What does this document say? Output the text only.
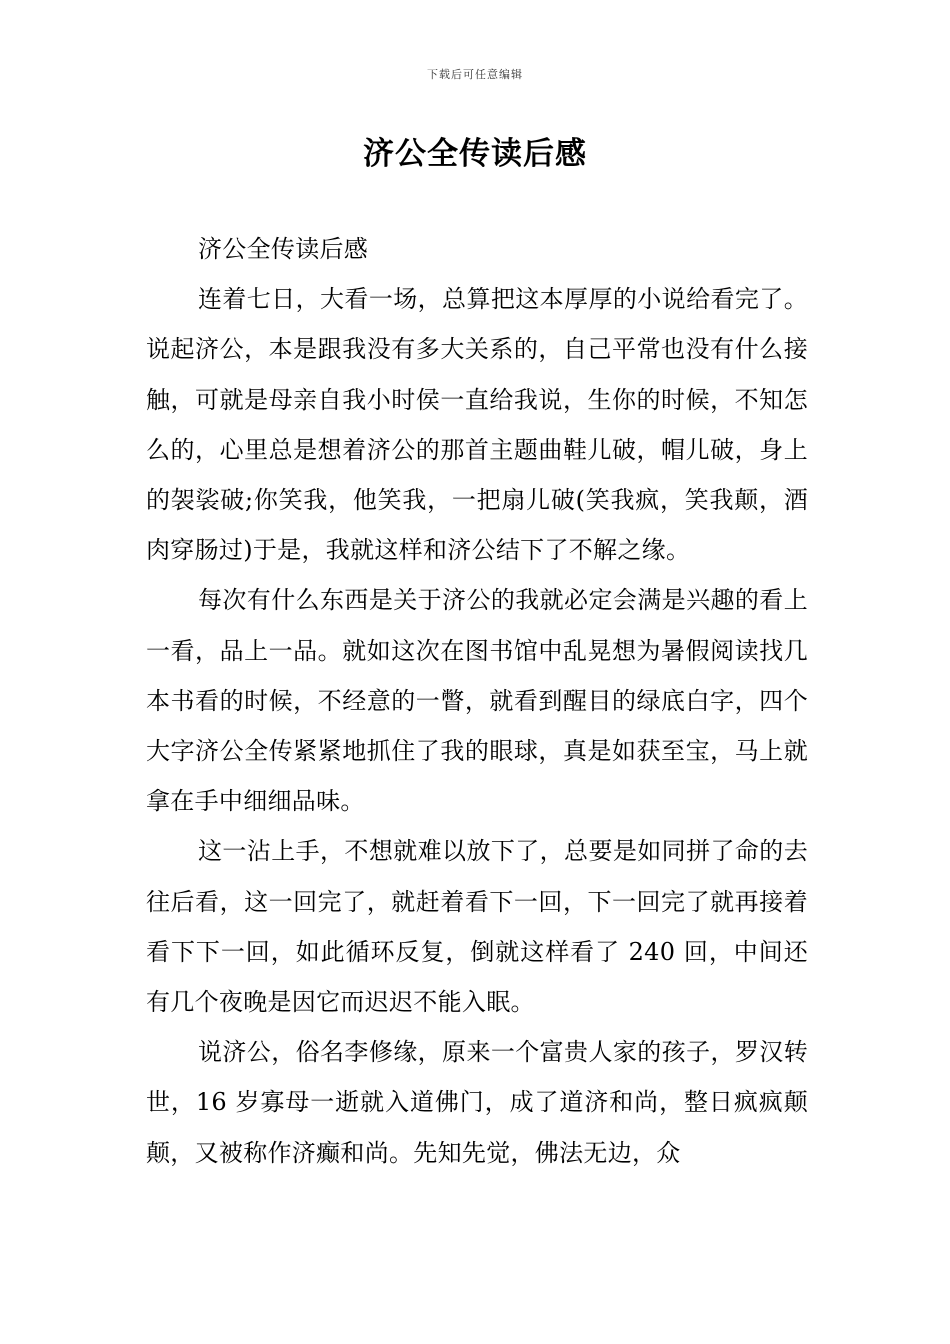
下载后可任意编辑
济公全传读后感

济公全传读后感

连着七日，大看一场，总算把这本厚厚的小说给看完了。说起济公，本是跟我没有多大关系的，自己平常也没有什么接触，可就是母亲自我小时侯一直给我说，生你的时候，不知怎么的，心里总是想着济公的那首主题曲鞋儿破，帽儿破，身上的袈裟破;你笑我，他笑我，一把扇儿破(笑我疯，笑我颠，酒肉穿肠过)于是，我就这样和济公结下了不解之缘。

每次有什么东西是关于济公的我就必定会满是兴趣的看上一看，品上一品。就如这次在图书馆中乱晃想为暑假阅读找几本书看的时候，不经意的一瞥，就看到醒目的绿底白字，四个大字济公全传紧紧地抓住了我的眼球，真是如获至宝，马上就拿在手中细细品味。

这一沾上手，不想就难以放下了，总要是如同拼了命的去往后看，这一回完了，就赶着看下一回，下一回完了就再接着看下下一回，如此循环反复，倒就这样看了 240 回，中间还有几个夜晚是因它而迟迟不能入眠。

说济公，俗名李修缘，原来一个富贵人家的孩子，罗汉转世，16 岁寡母一逝就入道佛门，成了道济和尚，整日疯疯颠颠，又被称作济癫和尚。先知先觉，佛法无边，众
